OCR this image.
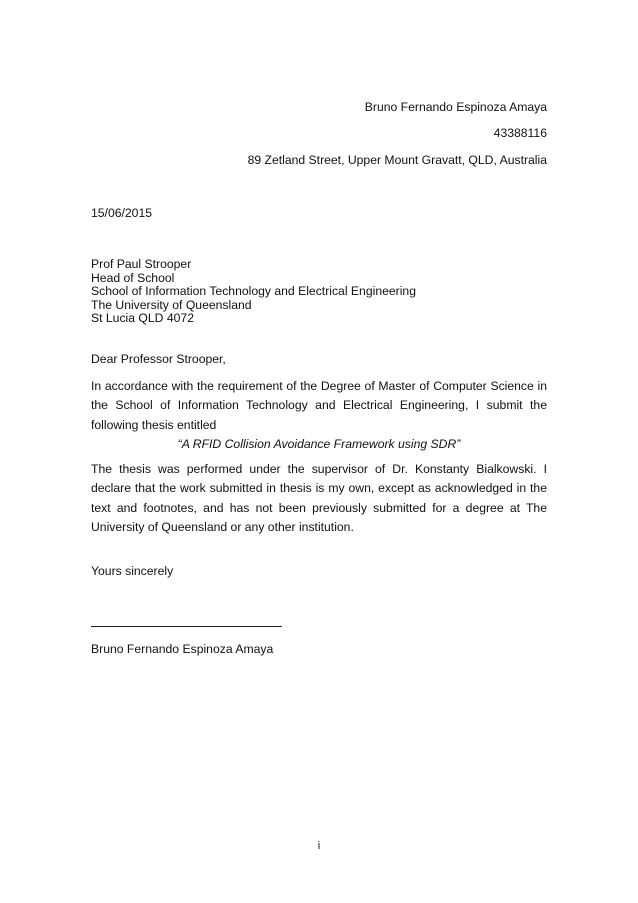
Bruno Fernando Espinoza Amaya
43388116
89 Zetland Street, Upper Mount Gravatt, QLD, Australia
15/06/2015
Prof Paul Strooper
Head of School
School of Information Technology and Electrical Engineering
The University of Queensland
St Lucia QLD 4072
Dear Professor Strooper,
In accordance with the requirement of the Degree of Master of Computer Science in the School of Information Technology and Electrical Engineering, I submit the following thesis entitled
“A RFID Collision Avoidance Framework using SDR”
The thesis was performed under the supervisor of Dr. Konstanty Bialkowski. I declare that the work submitted in thesis is my own, except as acknowledged in the text and footnotes, and has not been previously submitted for a degree at The University of Queensland or any other institution.
Yours sincerely
Bruno Fernando Espinoza Amaya
i
